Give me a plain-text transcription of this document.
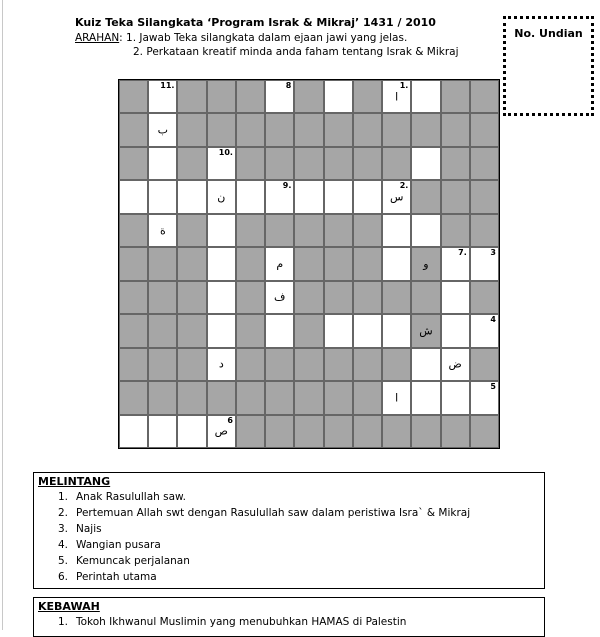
Kuiz Teka Silangkata ‘Program Israk & Mikraj’ 1431 / 2010
ARAHAN: 1. Jawab Teka silangkata dalam ejaan jawi yang jelas.
2. Perkataan kreatif minda anda faham tentang Israk & Mikraj
No. Undian
11.	8	1.
ا
ب
10.
ن
9.	2.
س
ة
م	و
7.	3
ف
ش
4
د	ض
ا
5
6
ص
MELINTANG
1. Anak Rasulullah saw.
2. Pertemuan Allah swt dengan Rasulullah saw dalam peristiwa Isra` & Mikraj
3. Najis
4. Wangian pusara
5. Kemuncak perjalanan
6. Perintah utama
KEBAWAH
1. Tokoh Ikhwanul Muslimin yang menubuhkan HAMAS di Palestin
